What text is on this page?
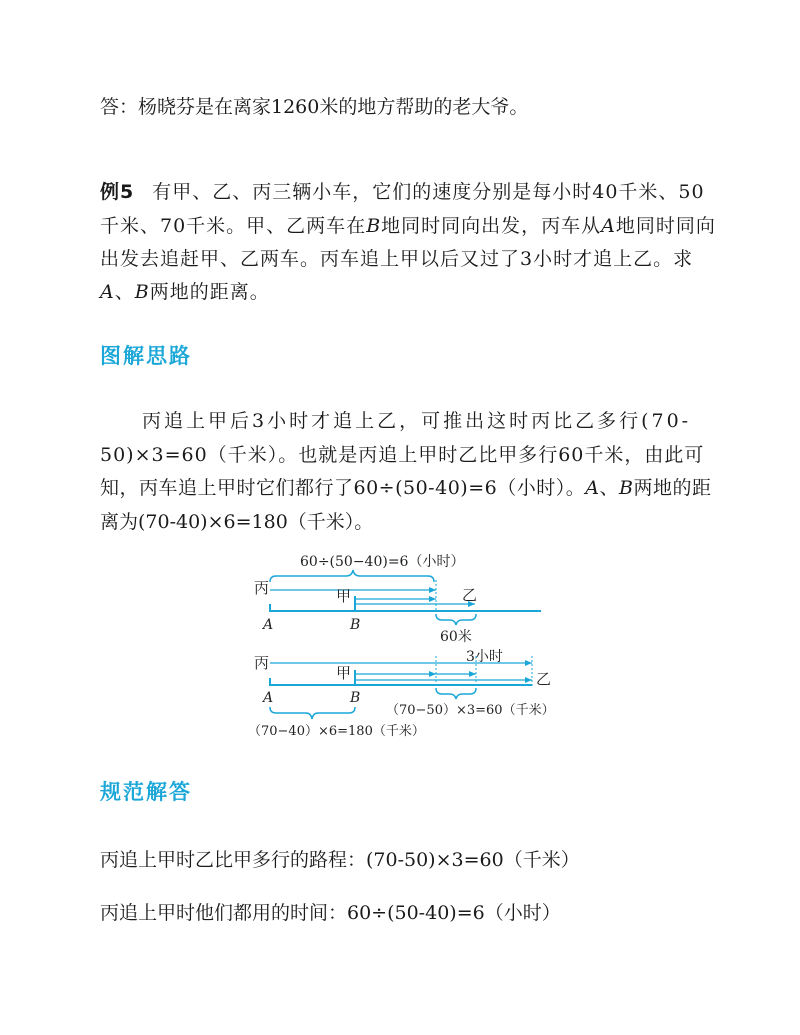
答：杨晓芬是在离家1260米的地方帮助的老大爷。

例5 有甲、乙、丙三辆小车，它们的速度分别是每小时40千米、50

千米、70千米。甲、乙两车在B地同时同向出发，丙车从A地同时同向

出发去追赶甲、乙两车。丙车追上甲以后又过了3小时才追上乙。求

A、B两地的距离。

图解思路

丙追上甲后3小时才追上乙，可推出这时丙比乙多行(70-

50)×3=60（千米）。也就是丙追上甲时乙比甲多行60千米，由此可

知，丙车追上甲时它们都行了60÷(50-40)=6（小时）。A、B两地的距

离为(70-40)×6=180（千米）。

60÷(50−40)=6（小时）
丙	甲	乙
A	B
60米
丙	3小时
甲	乙
A	B
（70−50）×3=60（千米）
（70−40）×6=180（千米）
规范解答

丙追上甲时乙比甲多行的路程：(70-50)×3=60（千米）

丙追上甲时他们都用的时间：60÷(50-40)=6（小时）
